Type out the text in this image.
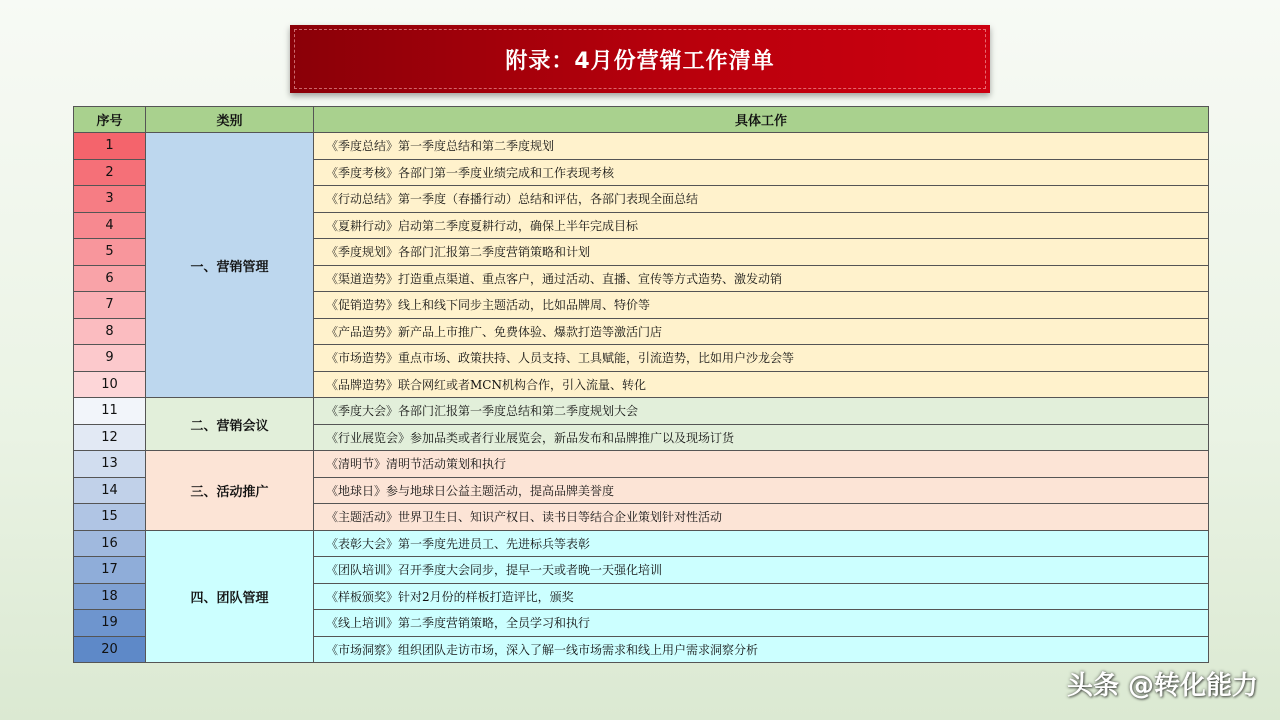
附录：4月份营销工作清单
序号	类别	具体工作
1	一、营销管理	《季度总结》第一季度总结和第二季度规划
2		《季度考核》各部门第一季度业绩完成和工作表现考核
3		《行动总结》第一季度（春播行动）总结和评估，各部门表现全面总结
4		《夏耕行动》启动第二季度夏耕行动，确保上半年完成目标
5		《季度规划》各部门汇报第二季度营销策略和计划
6		《渠道造势》打造重点渠道、重点客户，通过活动、直播、宣传等方式造势、激发动销
7		《促销造势》线上和线下同步主题活动，比如品牌周、特价等
8		《产品造势》新产品上市推广、免费体验、爆款打造等激活门店
9		《市场造势》重点市场、政策扶持、人员支持、工具赋能，引流造势，比如用户沙龙会等
10		《品牌造势》联合网红或者MCN机构合作，引入流量、转化
11	二、营销会议	《季度大会》各部门汇报第一季度总结和第二季度规划大会
12		《行业展览会》参加品类或者行业展览会，新品发布和品牌推广以及现场订货
13	三、活动推广	《清明节》清明节活动策划和执行
14		《地球日》参与地球日公益主题活动，提高品牌美誉度
15		《主题活动》世界卫生日、知识产权日、读书日等结合企业策划针对性活动
16	四、团队管理	《表彰大会》第一季度先进员工、先进标兵等表彰
17		《团队培训》召开季度大会同步，提早一天或者晚一天强化培训
18		《样板颁奖》针对2月份的样板打造评比，颁奖
19		《线上培训》第二季度营销策略，全员学习和执行
20		《市场洞察》组织团队走访市场，深入了解一线市场需求和线上用户需求洞察分析
头条 @转化能力
